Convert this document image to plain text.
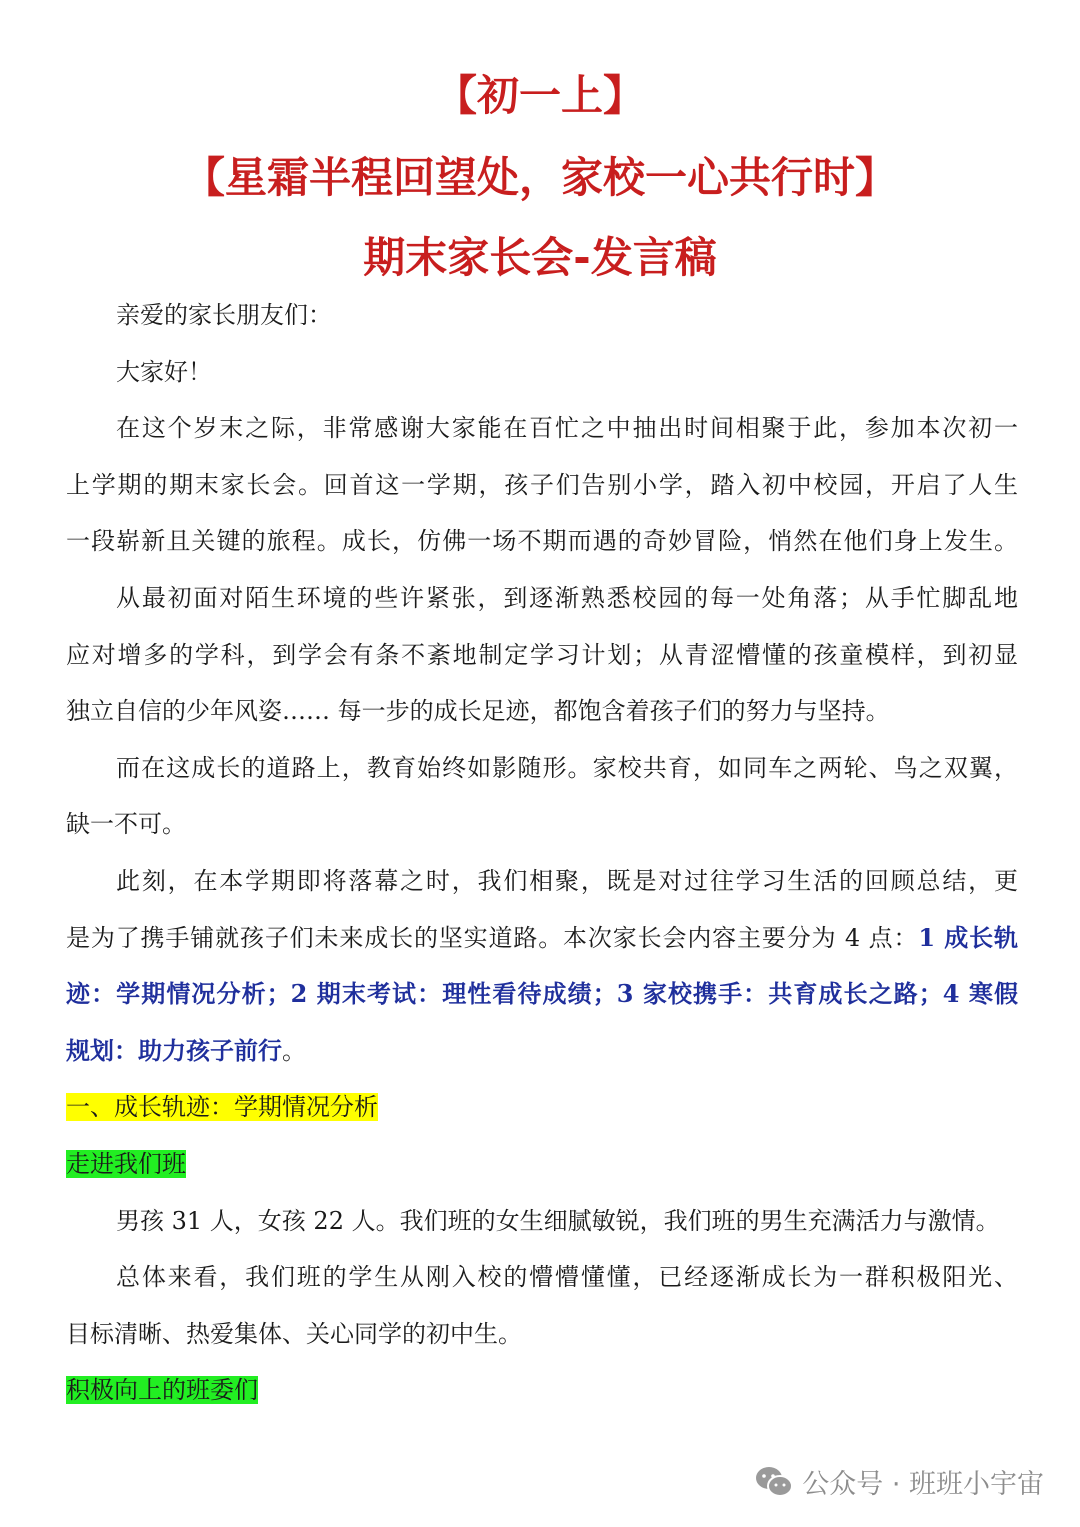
【初一上】
【星霜半程回望处，家校一心共行时】
期末家长会-发言稿
亲爱的家长朋友们：
大家好！
在这个岁末之际，非常感谢大家能在百忙之中抽出时间相聚于此，参加本次初一
上学期的期末家长会。回首这一学期，孩子们告别小学，踏入初中校园，开启了人生
一段崭新且关键的旅程。成长，仿佛一场不期而遇的奇妙冒险，悄然在他们身上发生。
从最初面对陌生环境的些许紧张，到逐渐熟悉校园的每一处角落；从手忙脚乱地
应对增多的学科，到学会有条不紊地制定学习计划；从青涩懵懂的孩童模样，到初显
独立自信的少年风姿…… 每一步的成长足迹，都饱含着孩子们的努力与坚持。
而在这成长的道路上，教育始终如影随形。家校共育，如同车之两轮、鸟之双翼，
缺一不可。
此刻，在本学期即将落幕之时，我们相聚，既是对过往学习生活的回顾总结，更
是为了携手铺就孩子们未来成长的坚实道路。本次家长会内容主要分为 4 点：1 成长轨
迹：学期情况分析；2 期末考试：理性看待成绩；3 家校携手：共育成长之路；4 寒假
规划：助力孩子前行。
一、成长轨迹：学期情况分析
走进我们班
男孩 31 人，女孩 22 人。我们班的女生细腻敏锐，我们班的男生充满活力与激情。
总体来看，我们班的学生从刚入校的懵懵懂懂，已经逐渐成长为一群积极阳光、
目标清晰、热爱集体、关心同学的初中生。
积极向上的班委们
公众号 · 班班小宇宙
